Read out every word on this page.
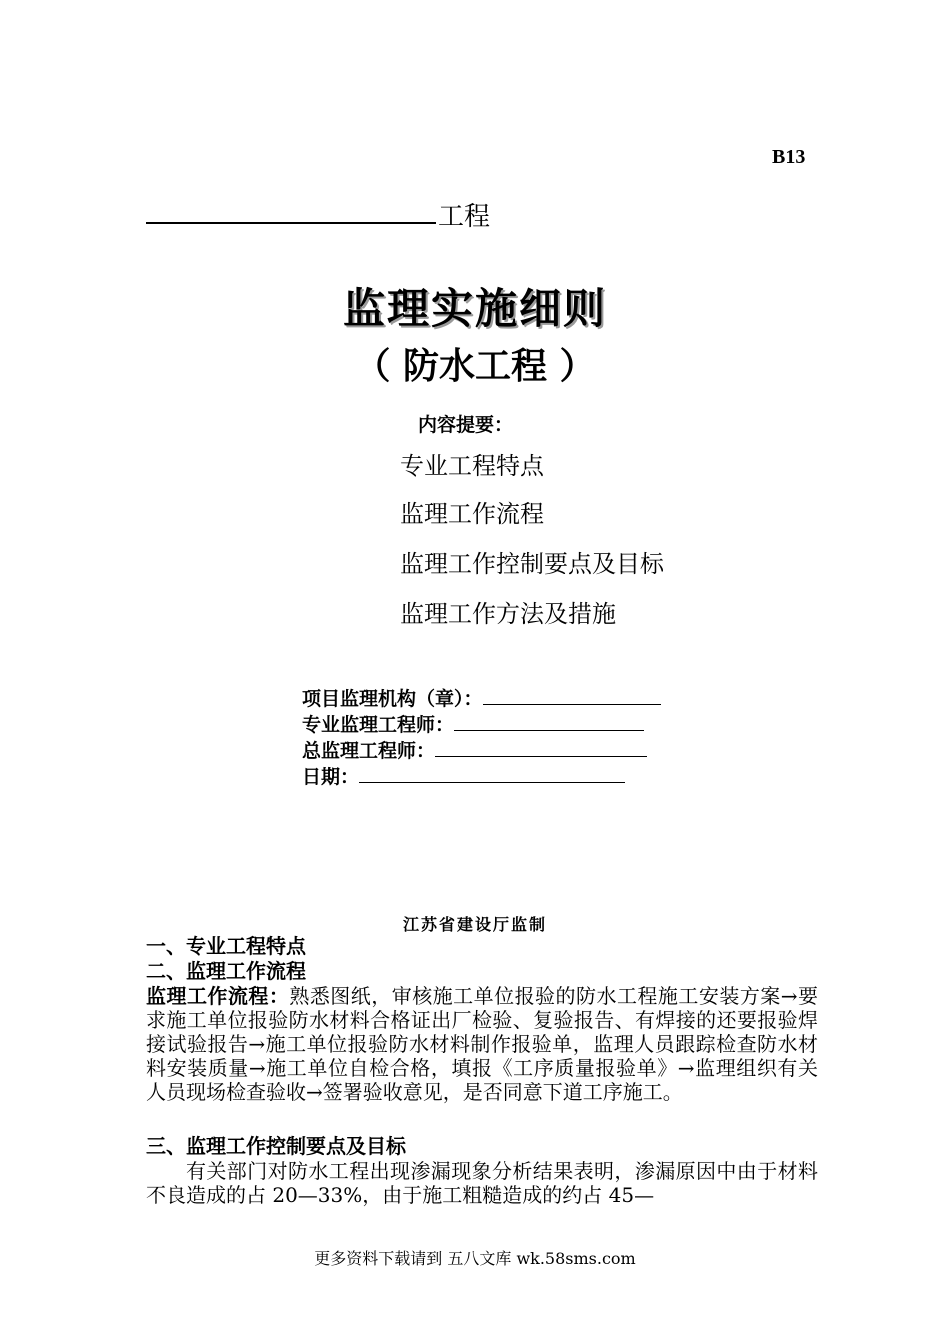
B13
工程
监理实施细则
（ 防水工程 ）
内容提要：
专业工程特点
监理工作流程
监理工作控制要点及目标
监理工作方法及措施
项目监理机构（章）：
专业监理工程师：
总监理工程师：
日期：
江苏省建设厅监制
一、专业工程特点
二、监理工作流程
监理工作流程：熟悉图纸，审核施工单位报验的防水工程施工安装方案→要求施工单位报验防水材料合格证出厂检验、复验报告、有焊接的还要报验焊接试验报告→施工单位报验防水材料制作报验单，监理人员跟踪检查防水材料安装质量→施工单位自检合格，填报《工序质量报验单》→监理组织有关人员现场检查验收→签署验收意见，是否同意下道工序施工。
三、监理工作控制要点及目标
有关部门对防水工程出现渗漏现象分析结果表明，渗漏原因中由于材料不良造成的占 20—33%，由于施工粗糙造成的约占 45—
更多资料下载请到 五八文库 wk.58sms.com
